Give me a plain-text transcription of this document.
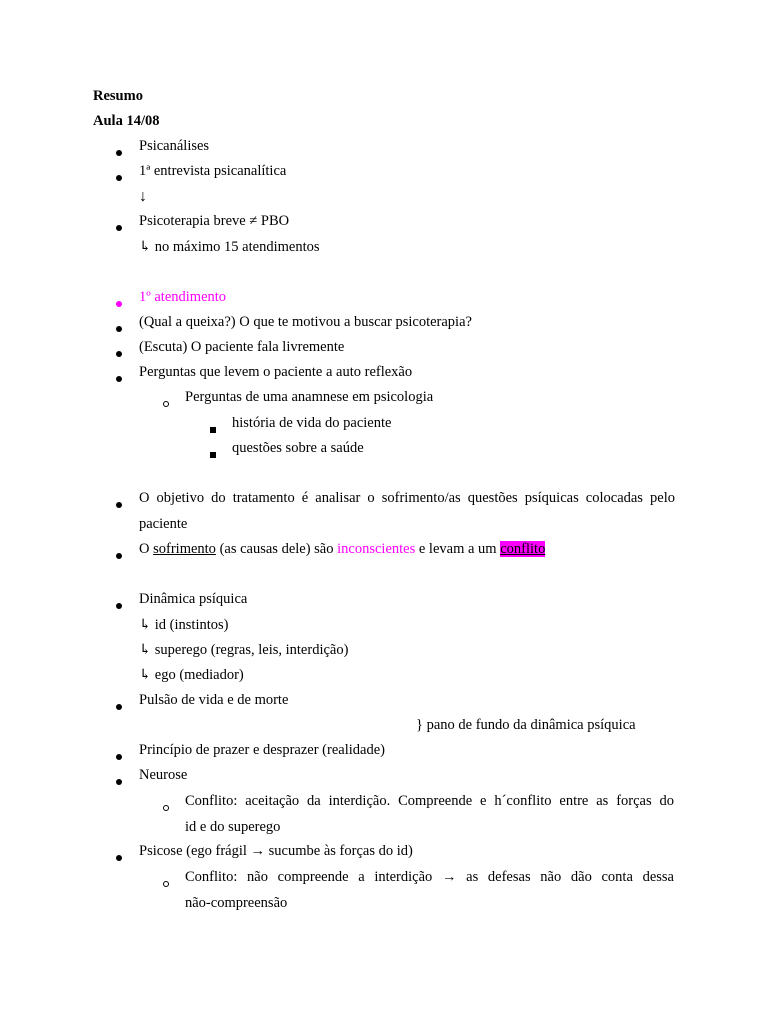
Resumo
Aula 14/08
Psicanálises
1ª entrevista psicanalítica
↓
Psicoterapia breve ≠ PBO
↳ no máximo 15 atendimentos
1º atendimento
(Qual a queixa?) O que te motivou a buscar psicoterapia?
(Escuta) O paciente fala livremente
Perguntas que levem o paciente a auto reflexão
Perguntas de uma anamnese em psicologia
história de vida do paciente
questões sobre a saúde
O objetivo do tratamento é analisar o sofrimento/as questões psíquicas colocadas pelo
paciente
O sofrimento (as causas dele) são inconscientes e levam a um conflito
Dinâmica psíquica
↳ id (instintos)
↳ superego (regras, leis, interdição)
↳ ego (mediador)
Pulsão de vida e de morte
} pano de fundo da dinâmica psíquica
Princípio de prazer e desprazer (realidade)
Neurose
Conflito: aceitação da interdição. Compreende e h´conflito entre as forças do
id e do superego
Psicose (ego frágil → sucumbe às forças do id)
Conflito: não compreende a interdição → as defesas não dão conta dessa
não-compreensão
